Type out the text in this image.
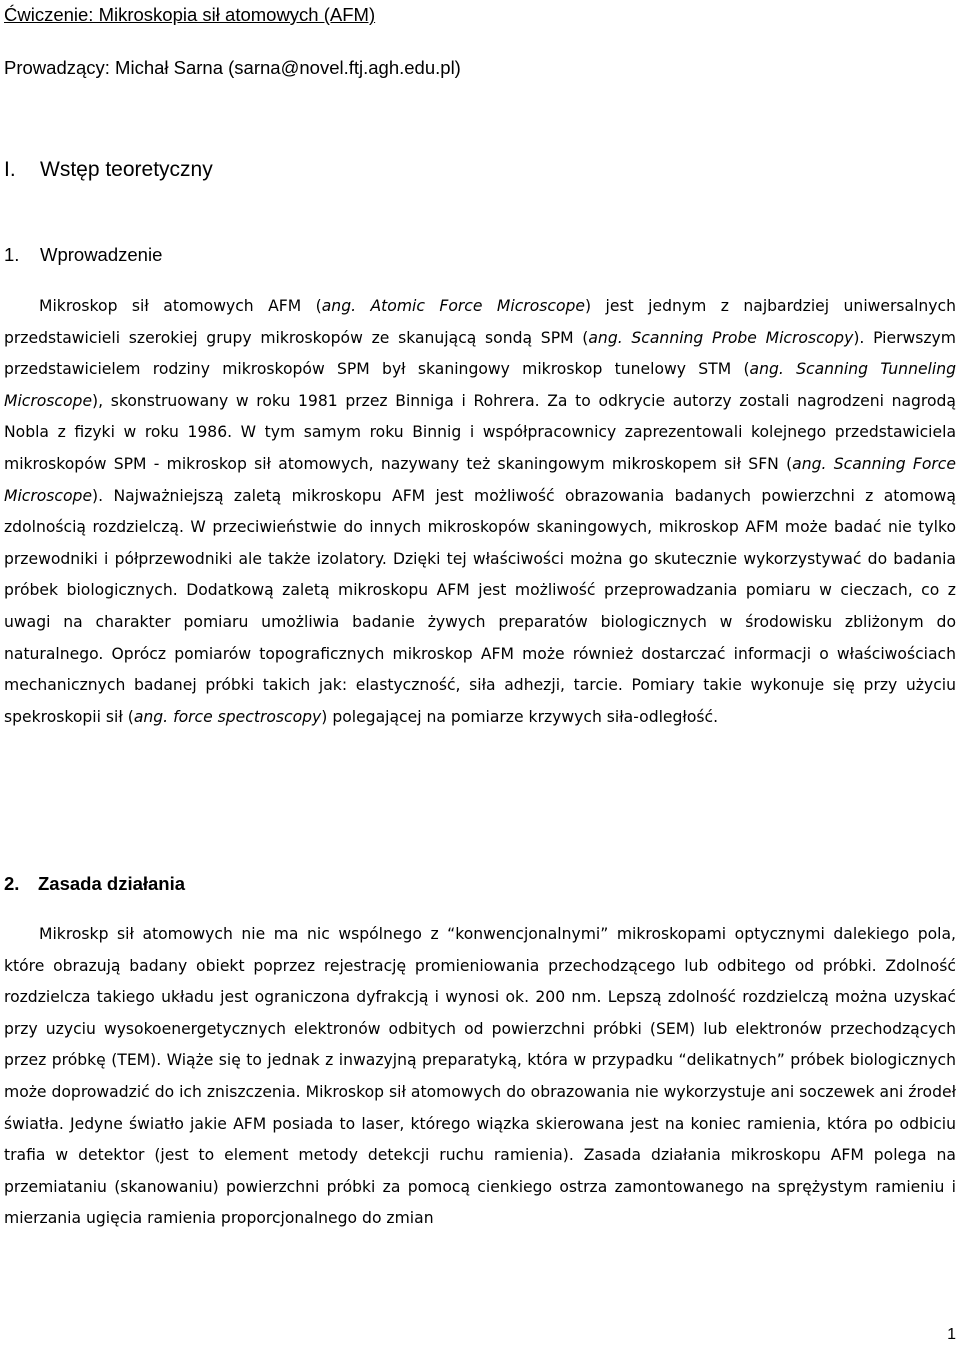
Ćwiczenie: Mikroskopia sił atomowych (AFM)
Prowadzący: Michał Sarna (sarna@novel.ftj.agh.edu.pl)
I.	Wstęp teoretyczny
1.	Wprowadzenie
Mikroskop sił atomowych AFM (ang. Atomic Force Microscope) jest jednym z najbardziej uniwersalnych przedstawicieli szerokiej grupy mikroskopów ze skanującą sondą SPM (ang. Scanning Probe Microscopy). Pierwszym przedstawicielem rodziny mikroskopów SPM był skaningowy mikroskop tunelowy STM (ang. Scanning Tunneling Microscope), skonstruowany w roku 1981 przez Binniga i Rohrera. Za to odkrycie autorzy zostali nagrodzeni nagrodą Nobla z fizyki w roku 1986. W tym samym roku Binnig i współpracownicy zaprezentowali kolejnego przedstawiciela mikroskopów SPM - mikroskop sił atomowych, nazywany też skaningowym mikroskopem sił SFN (ang. Scanning Force Microscope). Najważniejszą zaletą mikroskopu AFM jest możliwość obrazowania badanych powierzchni z atomową zdolnością rozdzielczą. W przeciwieństwie do innych mikroskopów skaningowych, mikroskop AFM może badać nie tylko przewodniki i półprzewodniki ale także izolatory. Dzięki tej właściwości można go skutecznie wykorzystywać do badania próbek biologicznych. Dodatkową zaletą mikroskopu AFM jest możliwość przeprowadzania pomiaru w cieczach, co z uwagi na charakter pomiaru umożliwia badanie żywych preparatów biologicznych w środowisku zbliżonym do naturalnego. Oprócz pomiarów topograficznych mikroskop AFM może również dostarczać informacji o właściwościach mechanicznych badanej próbki takich jak: elastyczność, siła adhezji, tarcie. Pomiary takie wykonuje się przy użyciu spekroskopii sił (ang. force spectroscopy) polegającej na pomiarze krzywych siła-odległość.
2.	Zasada działania
Mikroskp sił atomowych nie ma nic wspólnego z “konwencjonalnymi” mikroskopami optycznymi dalekiego pola, które obrazują badany obiekt poprzez rejestrację promieniowania przechodzącego lub odbitego od próbki. Zdolność rozdzielcza takiego układu jest ograniczona dyfrakcją i wynosi ok. 200 nm. Lepszą zdolność rozdzielczą można uzyskać przy uzyciu wysokoenergetycznych elektronów odbitych od powierzchni próbki (SEM) lub elektronów przechodzących przez próbkę (TEM). Wiąże się to jednak z inwazyjną preparatyką, która w przypadku “delikatnych” próbek biologicznych może doprowadzić do ich zniszczenia. Mikroskop sił atomowych do obrazowania nie wykorzystuje ani soczewek ani źrodeł światła. Jedyne światło jakie AFM posiada to laser, którego wiązka skierowana jest na koniec ramienia, która po odbiciu trafia w detektor (jest to element metody detekcji ruchu ramienia). Zasada działania mikroskopu AFM polega na przemiataniu (skanowaniu) powierzchni próbki za pomocą cienkiego ostrza zamontowanego na sprężystym ramieniu i mierzania ugięcia ramienia proporcjonalnego do zmian
1
